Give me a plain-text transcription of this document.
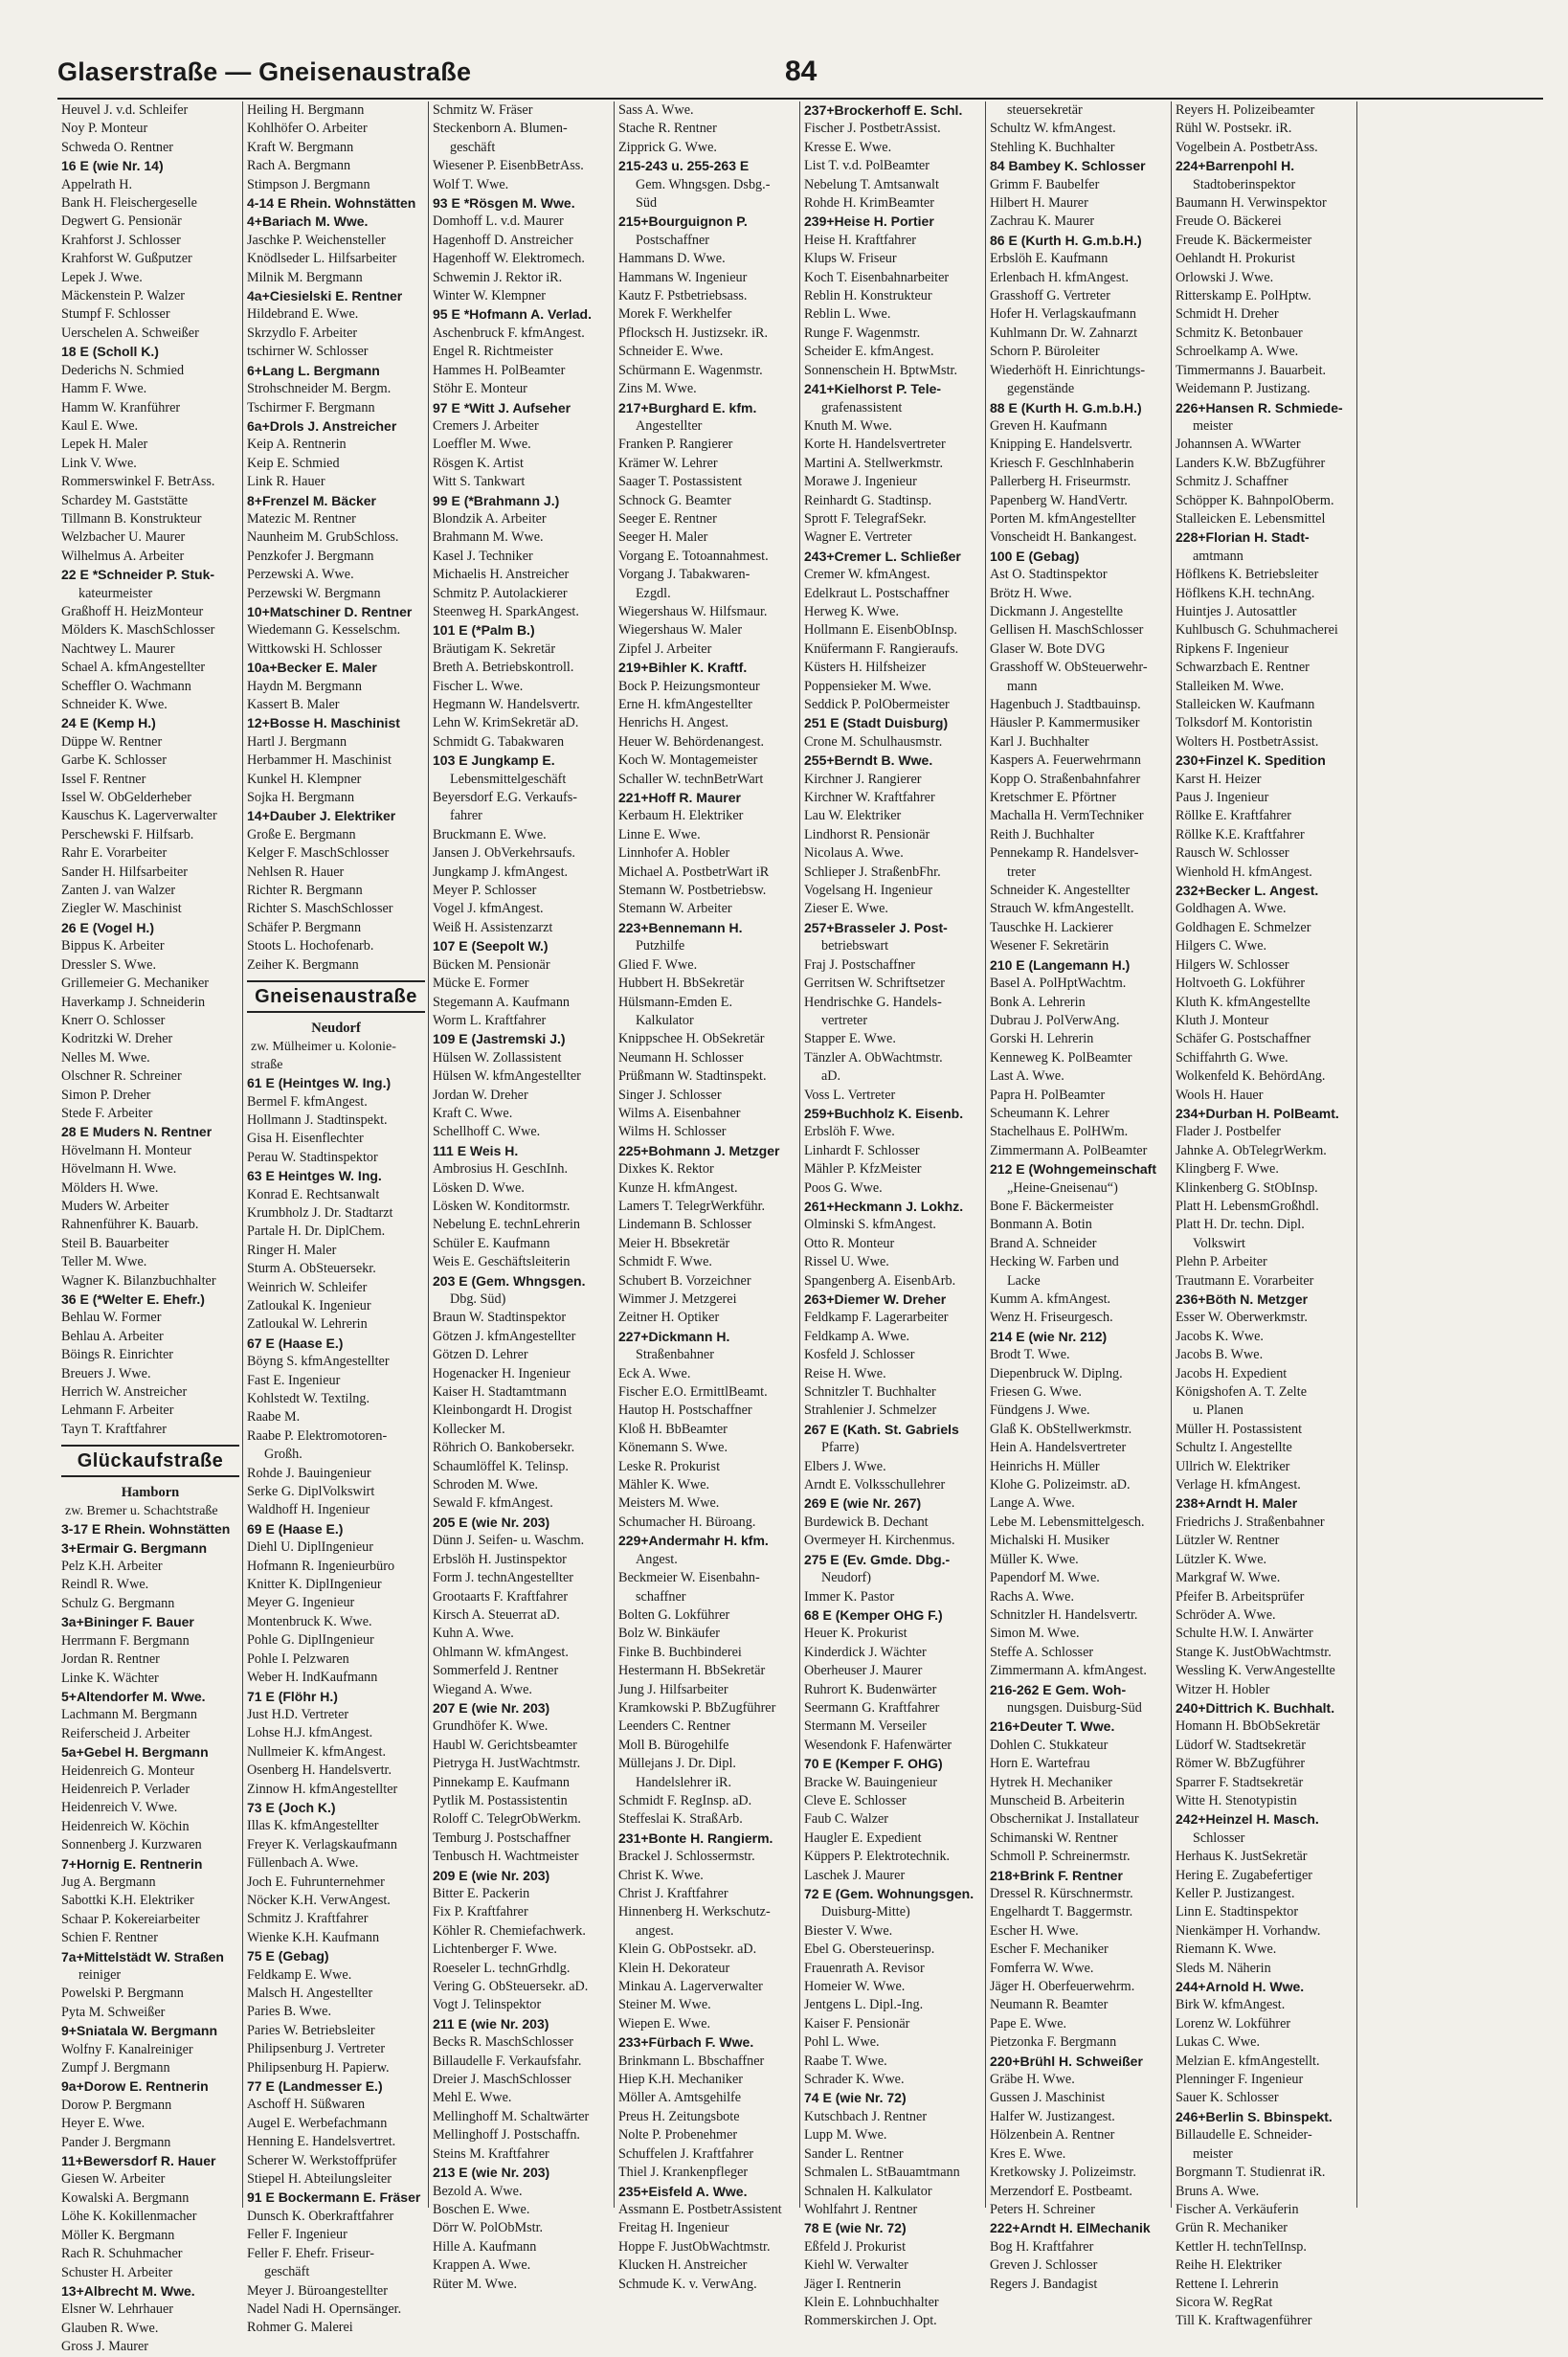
Glaserstraße — Gneisenaustraße	84
Heuvel J. v.d. Schleifer
Noy P. Monteur
Schweda O. Rentner
16 E (wie Nr. 14)
Appelrath H.
Bank H. Fleischergeselle
Degwert G. Pensionär
Krahforst J. Schlosser
Krahforst W. Gußputzer
Lepek J. Wwe.
Mäckenstein P. Walzer
Stumpf F. Schlosser
Uerschelen A. Schweißer
18 E (Scholl K.)
Dederichs N. Schmied
Hamm F. Wwe.
Hamm W. Kranführer
Kaul E. Wwe.
Lepek H. Maler
Link V. Wwe.
Rommerswinkel F. BetrAss.
Schardey M. Gaststätte
Tillmann B. Konstrukteur
Welzbacher U. Maurer
Wilhelmus A. Arbeiter
22 E *Schneider P. Stuk-
kateurmeister
Graßhoff H. HeizMonteur
Mölders K. MaschSchlosser
Nachtwey L. Maurer
Schael A. kfmAngestellter
Scheffler O. Wachmann
Schneider K. Wwe.
24 E (Kemp H.)
Düppe W. Rentner
Garbe K. Schlosser
Issel F. Rentner
Issel W. ObGelderheber
Kauschus K. Lagerverwalter
Perschewski F. Hilfsarb.
Rahr E. Vorarbeiter
Sander H. Hilfsarbeiter
Zanten J. van Walzer
Ziegler W. Maschinist
26 E (Vogel H.)
Bippus K. Arbeiter
Dressler S. Wwe.
Grillemeier G. Mechaniker
Haverkamp J. Schneiderin
Knerr O. Schlosser
Kodritzki W. Dreher
Nelles M. Wwe.
Olschner R. Schreiner
Simon P. Dreher
Stede F. Arbeiter
28 E Muders N. Rentner
Hövelmann H. Monteur
Hövelmann H. Wwe.
Mölders H. Wwe.
Muders W. Arbeiter
Rahnenführer K. Bauarb.
Steil B. Bauarbeiter
Teller M. Wwe.
Wagner K. Bilanzbuchhalter
36 E (*Welter E. Ehefr.)
Behlau W. Former
Behlau A. Arbeiter
Böings R. Einrichter
Breuers J. Wwe.
Herrich W. Anstreicher
Lehmann F. Arbeiter
Tayn T. Kraftfahrer
Glückaufstraße
Hamborn
zw. Bremer u. Schachtstraße
3-17 E Rhein. Wohnstätten
3+Ermair G. Bergmann
Pelz K.H. Arbeiter
Reindl R. Wwe.
Schulz G. Bergmann
3a+Bininger F. Bauer
Herrmann F. Bergmann
Jordan R. Rentner
Linke K. Wächter
5+Altendorfer M. Wwe.
Lachmann M. Bergmann
Reiferscheid J. Arbeiter
5a+Gebel H. Bergmann
Heidenreich G. Monteur
Heidenreich P. Verlader
Heidenreich V. Wwe.
Heidenreich W. Köchin
Sonnenberg J. Kurzwaren
7+Hornig E. Rentnerin
Jug A. Bergmann
Sabottki K.H. Elektriker
Schaar P. Kokereiarbeiter
Schien F. Rentner
7a+Mittelstädt W. Straßen
reiniger
Powelski P. Bergmann
Pyta M. Schweißer
9+Sniatala W. Bergmann
Wolfny F. Kanalreiniger
Zumpf J. Bergmann
9a+Dorow E. Rentnerin
Dorow P. Bergmann
Heyer E. Wwe.
Pander J. Bergmann
11+Bewersdorf R. Hauer
Giesen W. Arbeiter
Kowalski A. Bergmann
Löhe K. Kokillenmacher
Möller K. Bergmann
Rach R. Schuhmacher
Schuster H. Arbeiter
13+Albrecht M. Wwe.
Elsner W. Lehrhauer
Glauben R. Wwe.
Gross J. Maurer
Heiling H. Bergmann
Kohlhöfer O. Arbeiter
Kraft W. Bergmann
Rach A. Bergmann
Stimpson J. Bergmann
4-14 E Rhein. Wohnstätten
4+Bariach M. Wwe.
Jaschke P. Weichensteller
Knödlseder L. Hilfsarbeiter
Milnik M. Bergmann
4a+Ciesielski E. Rentner
Hildebrand E. Wwe.
Skrzydlo F. Arbeiter
tschirner W. Schlosser
6+Lang L. Bergmann
Strohschneider M. Bergm.
Tschirmer F. Bergmann
6a+Drols J. Anstreicher
Keip A. Rentnerin
Keip E. Schmied
Link R. Hauer
8+Frenzel M. Bäcker
Matezic M. Rentner
Naunheim M. GrubSchloss.
Penzkofer J. Bergmann
Perzewski A. Wwe.
Perzewski W. Bergmann
10+Matschiner D. Rentner
Wiedemann G. Kesselschm.
Wittkowski H. Schlosser
10a+Becker E. Maler
Haydn M. Bergmann
Kassert B. Maler
12+Bosse H. Maschinist
Hartl J. Bergmann
Herbammer H. Maschinist
Kunkel H. Klempner
Sojka H. Bergmann
14+Dauber J. Elektriker
Große E. Bergmann
Kelger F. MaschSchlosser
Nehlsen R. Hauer
Richter R. Bergmann
Richter S. MaschSchlosser
Schäfer P. Bergmann
Stoots L. Hochofenarb.
Zeiher K. Bergmann
Gneisenaustraße
Neudorf
zw. Mülheimer u. Kolonie-
straße
61 E (Heintges W. Ing.)
Bermel F. kfmAngest.
Hollmann J. Stadtinspekt.
Gisa H. Eisenflechter
Perau W. Stadtinspektor
63 E Heintges W. Ing.
Konrad E. Rechtsanwalt
Krumbholz J. Dr. Stadtarzt
Partale H. Dr. DiplChem.
Ringer H. Maler
Sturm A. ObSteuersekr.
Weinrich W. Schleifer
Zatloukal K. Ingenieur
Zatloukal W. Lehrerin
67 E (Haase E.)
Böyng S. kfmAngestellter
Fast E. Ingenieur
Kohlstedt W. Textilng.
Raabe M.
Raabe P. Elektromotoren-
Großh.
Rohde J. Bauingenieur
Serke G. DiplVolkswirt
Waldhoff H. Ingenieur
69 E (Haase E.)
Diehl U. DiplIngenieur
Hofmann R. Ingenieurbüro
Knitter K. DiplIngenieur
Meyer G. Ingenieur
Montenbruck K. Wwe.
Pohle G. DiplIngenieur
Pohle I. Pelzwaren
Weber H. IndKaufmann
71 E (Flöhr H.)
Just H.D. Vertreter
Lohse H.J. kfmAngest.
Nullmeier K. kfmAngest.
Osenberg H. Handelsvertr.
Zinnow H. kfmAngestellter
73 E (Joch K.)
Illas K. kfmAngestellter
Freyer K. Verlagskaufmann
Füllenbach A. Wwe.
Joch E. Fuhrunternehmer
Nöcker K.H. VerwAngest.
Schmitz J. Kraftfahrer
Wienke K.H. Kaufmann
75 E (Gebag)
Feldkamp E. Wwe.
Malsch H. Angestellter
Paries B. Wwe.
Paries W. Betriebsleiter
Philipsenburg J. Vertreter
Philipsenburg H. Papierw.
77 E (Landmesser E.)
Aschoff H. Süßwaren
Augel E. Werbefachmann
Henning E. Handelsvertret.
Scherer W. Werkstoffprüfer
Stiepel H. Abteilungsleiter
91 E Bockermann E. Fräser
Dunsch K. Oberkraftfahrer
Feller F. Ingenieur
Feller F. Ehefr. Friseur-
geschäft
Meyer J. Büroangestellter
Nadel Nadi H. Opernsänger.
Rohmer G. Malerei
Schmitz W. Fräser
Steckenborn A. Blumen-
geschäft
Wiesener P. EisenbBetrAss.
Wolf T. Wwe.
93 E *Rösgen M. Wwe.
Domhoff L. v.d. Maurer
Hagenhoff D. Anstreicher
Hagenhoff W. Elektromech.
Schwemin J. Rektor iR.
Winter W. Klempner
95 E *Hofmann A. Verlad.
Aschenbruck F. kfmAngest.
Engel R. Richtmeister
Hammes H. PolBeamter
Stöhr E. Monteur
97 E *Witt J. Aufseher
Cremers J. Arbeiter
Loeffler M. Wwe.
Rösgen K. Artist
Witt S. Tankwart
99 E (*Brahmann J.)
Blondzik A. Arbeiter
Brahmann M. Wwe.
Kasel J. Techniker
Michaelis H. Anstreicher
Schmitz P. Autolackierer
Steenweg H. SparkAngest.
101 E (*Palm B.)
Bräutigam K. Sekretär
Breth A. Betriebskontroll.
Fischer L. Wwe.
Hegmann W. Handelsvertr.
Lehn W. KrimSekretär aD.
Schmidt G. Tabakwaren
103 E Jungkamp E.
Lebensmittelgeschäft
Beyersdorf E.G. Verkaufs-
fahrer
Bruckmann E. Wwe.
Jansen J. ObVerkehrsaufs.
Jungkamp J. kfmAngest.
Meyer P. Schlosser
Vogel J. kfmAngest.
Weiß H. Assistenzarzt
107 E (Seepolt W.)
Bücken M. Pensionär
Mücke E. Former
Stegemann A. Kaufmann
Worm L. Kraftfahrer
109 E (Jastremski J.)
Hülsen W. Zollassistent
Hülsen W. kfmAngestellter
Jordan W. Dreher
Kraft C. Wwe.
Schellhoff C. Wwe.
111 E Weis H.
Ambrosius H. GeschInh.
Lösken D. Wwe.
Lösken W. Konditormstr.
Nebelung E. technLehrerin
Schüler E. Kaufmann
Weis E. Geschäftsleiterin
203 E (Gem. Whngsgen.
Dbg. Süd)
Braun W. Stadtinspektor
Götzen J. kfmAngestellter
Götzen D. Lehrer
Hogenacker H. Ingenieur
Kaiser H. Stadtamtmann
Kleinbongardt H. Drogist
Kollecker M.
Röhrich O. Bankobersekr.
Schaumlöffel K. Telinsp.
Schroden M. Wwe.
Sewald F. kfmAngest.
205 E (wie Nr. 203)
Dünn J. Seifen- u. Waschm.
Erbslöh H. Justinspektor
Form J. technAngestellter
Grootaarts F. Kraftfahrer
Kirsch A. Steuerrat aD.
Kuhn A. Wwe.
Ohlmann W. kfmAngest.
Sommerfeld J. Rentner
Wiegand A. Wwe.
207 E (wie Nr. 203)
Grundhöfer K. Wwe.
Haubl W. Gerichtsbeamter
Pietryga H. JustWachtmstr.
Pinnekamp E. Kaufmann
Pytlik M. Postassistentin
Roloff C. TelegrObWerkm.
Temburg J. Postschaffner
Tenbusch H. Wachtmeister
209 E (wie Nr. 203)
Bitter E. Packerin
Fix P. Kraftfahrer
Köhler R. Chemiefachwerk.
Lichtenberger F. Wwe.
Roeseler L. technGrhdlg.
Vering G. ObSteuersekr. aD.
Vogt J. Telinspektor
211 E (wie Nr. 203)
Becks R. MaschSchlosser
Billaudelle F. Verkaufsfahr.
Dreier J. MaschSchlosser
Mehl E. Wwe.
Mellinghoff M. Schaltwärter
Mellinghoff J. Postschaffn.
Steins M. Kraftfahrer
213 E (wie Nr. 203)
Bezold A. Wwe.
Boschen E. Wwe.
Dörr W. PolObMstr.
Hille A. Kaufmann
Krappen A. Wwe.
Rüter M. Wwe.
Sass A. Wwe.
Stache R. Rentner
Zipprick G. Wwe.
215-243 u. 255-263 E
Gem. Whngsgen. Dsbg.-
Süd
215+Bourguignon P.
Postschaffner
Hammans D. Wwe.
Hammans W. Ingenieur
Kautz F. Pstbetriebsass.
Morek F. Werkhelfer
Pflocksch H. Justizsekr. iR.
Schneider E. Wwe.
Schürmann E. Wagenmstr.
Zins M. Wwe.
217+Burghard E. kfm.
Angestellter
Franken P. Rangierer
Krämer W. Lehrer
Saager T. Postassistent
Schnock G. Beamter
Seeger E. Rentner
Seeger H. Maler
Vorgang E. Totoannahmest.
Vorgang J. Tabakwaren-
Ezgdl.
Wiegershaus W. Hilfsmaur.
Wiegershaus W. Maler
Zipfel J. Arbeiter
219+Bihler K. Kraftf.
Bock P. Heizungsmonteur
Erne H. kfmAngestellter
Henrichs H. Angest.
Heuer W. Behördenangest.
Koch W. Montagemeister
Schaller W. technBetrWart
221+Hoff R. Maurer
Kerbaum H. Elektriker
Linne E. Wwe.
Linnhofer A. Hobler
Michael A. PostbetrWart iR
Stemann W. Postbetriebsw.
Stemann W. Arbeiter
223+Bennemann H.
Putzhilfe
Glied F. Wwe.
Hubbert H. BbSekretär
Hülsmann-Emden E.
Kalkulator
Knippschee H. ObSekretär
Neumann H. Schlosser
Prüßmann W. Stadtinspekt.
Singer J. Schlosser
Wilms A. Eisenbahner
Wilms H. Schlosser
225+Bohmann J. Metzger
Dixkes K. Rektor
Kunze H. kfmAngest.
Lamers T. TelegrWerkführ.
Lindemann B. Schlosser
Meier H. Bbsekretär
Schmidt F. Wwe.
Schubert B. Vorzeichner
Wimmer J. Metzgerei
Zeitner H. Optiker
227+Dickmann H.
Straßenbahner
Eck A. Wwe.
Fischer E.O. ErmittlBeamt.
Hautop H. Postschaffner
Kloß H. BbBeamter
Könemann S. Wwe.
Leske R. Prokurist
Mähler K. Wwe.
Meisters M. Wwe.
Schumacher H. Büroang.
229+Andermahr H. kfm.
Angest.
Beckmeier W. Eisenbahn-
schaffner
Bolten G. Lokführer
Bolz W. Binkäufer
Finke B. Buchbinderei
Hestermann H. BbSekretär
Jung J. Hilfsarbeiter
Kramkowski P. BbZugführer
Leenders C. Rentner
Moll B. Bürogehilfe
Müllejans J. Dr. Dipl.
Handelslehrer iR.
Schmidt F. RegInsp. aD.
Steffeslai K. StraßArb.
231+Bonte H. Rangierm.
Brackel J. Schlossermstr.
Christ K. Wwe.
Christ J. Kraftfahrer
Hinnenberg H. Werkschutz-
angest.
Klein G. ObPostsekr. aD.
Klein H. Dekorateur
Minkau A. Lagerverwalter
Steiner M. Wwe.
Wiepen E. Wwe.
233+Fürbach F. Wwe.
Brinkmann L. Bbschaffner
Hiep K.H. Mechaniker
Möller A. Amtsgehilfe
Preus H. Zeitungsbote
Nolte P. Probenehmer
Schuffelen J. Kraftfahrer
Thiel J. Krankenpfleger
235+Eisfeld A. Wwe.
Assmann E. PostbetrAssistent
Freitag H. Ingenieur
Hoppe F. JustObWachtmstr.
Klucken H. Anstreicher
Schmude K. v. VerwAng.
237+Brockerhoff E. Schl.
Fischer J. PostbetrAssist.
Kresse E. Wwe.
List T. v.d. PolBeamter
Nebelung T. Amtsanwalt
Rohde H. KrimBeamter
239+Heise H. Portier
Heise H. Kraftfahrer
Klups W. Friseur
Koch T. Eisenbahnarbeiter
Reblin H. Konstrukteur
Reblin L. Wwe.
Runge F. Wagenmstr.
Scheider E. kfmAngest.
Sonnenschein H. BptwMstr.
241+Kielhorst P. Tele-
grafenassistent
Knuth M. Wwe.
Korte H. Handelsvertreter
Martini A. Stellwerkmstr.
Morawe J. Ingenieur
Reinhardt G. Stadtinsp.
Sprott F. TelegrafSekr.
Wagner E. Vertreter
243+Cremer L. Schließer
Cremer W. kfmAngest.
Edelkraut L. Postschaffner
Herweg K. Wwe.
Hollmann E. EisenbObInsp.
Knüfermann F. Rangieraufs.
Küsters H. Hilfsheizer
Poppensieker M. Wwe.
Seddick P. PolObermeister
251 E (Stadt Duisburg)
Crone M. Schulhausmstr.
255+Berndt B. Wwe.
Kirchner J. Rangierer
Kirchner W. Kraftfahrer
Lau W. Elektriker
Lindhorst R. Pensionär
Nicolaus A. Wwe.
Schlieper J. StraßenbFhr.
Vogelsang H. Ingenieur
Zieser E. Wwe.
257+Brasseler J. Post-
betriebswart
Fraj J. Postschaffner
Gerritsen W. Schriftsetzer
Hendrischke G. Handels-
vertreter
Stapper E. Wwe.
Tänzler A. ObWachtmstr.
aD.
Voss L. Vertreter
259+Buchholz K. Eisenb.
Erbslöh F. Wwe.
Linhardt F. Schlosser
Mähler P. KfzMeister
Poos G. Wwe.
261+Heckmann J. Lokhz.
Olminski S. kfmAngest.
Otto R. Monteur
Rissel U. Wwe.
Spangenberg A. EisenbArb.
263+Diemer W. Dreher
Feldkamp F. Lagerarbeiter
Feldkamp A. Wwe.
Kosfeld J. Schlosser
Reise H. Wwe.
Schnitzler T. Buchhalter
Strahlenier J. Schmelzer
267 E (Kath. St. Gabriels
Pfarre)
Elbers J. Wwe.
Arndt E. Volksschullehrer
269 E (wie Nr. 267)
Burdewick B. Dechant
Overmeyer H. Kirchenmus.
275 E (Ev. Gmde. Dbg.-
Neudorf)
Immer K. Pastor
68 E (Kemper OHG F.)
Heuer K. Prokurist
Kinderdick J. Wächter
Oberheuser J. Maurer
Ruhrort K. Budenwärter
Seermann G. Kraftfahrer
Stermann M. Verseiler
Wesendonk F. Hafenwärter
70 E (Kemper F. OHG)
Bracke W. Bauingenieur
Cleve E. Schlosser
Faub C. Walzer
Haugler E. Expedient
Küppers P. Elektrotechnik.
Laschek J. Maurer
72 E (Gem. Wohnungsgen.
Duisburg-Mitte)
Biester V. Wwe.
Ebel G. Obersteuerinsp.
Frauenrath A. Revisor
Homeier W. Wwe.
Jentgens L. Dipl.-Ing.
Kaiser F. Pensionär
Pohl L. Wwe.
Raabe T. Wwe.
Schrader K. Wwe.
74 E (wie Nr. 72)
Kutschbach J. Rentner
Lupp M. Wwe.
Sander L. Rentner
Schmalen L. StBauamtmann
Schnalen H. Kalkulator
Wohlfahrt J. Rentner
78 E (wie Nr. 72)
Eßfeld J. Prokurist
Kiehl W. Verwalter
Jäger I. Rentnerin
Klein E. Lohnbuchhalter
Rommerskirchen J. Opt.
steuersekretär
Schultz W. kfmAngest.
Stehling K. Buchhalter
84 Bambey K. Schlosser
Grimm F. Baubelfer
Hilbert H. Maurer
Zachrau K. Maurer
86 E (Kurth H. G.m.b.H.)
Erbslöh E. Kaufmann
Erlenbach H. kfmAngest.
Grasshoff G. Vertreter
Hofer H. Verlagskaufmann
Kuhlmann Dr. W. Zahnarzt
Schorn P. Büroleiter
Wiederhöft H. Einrichtungs-
gegenstände
88 E (Kurth H. G.m.b.H.)
Greven H. Kaufmann
Knipping E. Handelsvertr.
Kriesch F. Geschlnhaberin
Pallerberg H. Friseurmstr.
Papenberg W. HandVertr.
Porten M. kfmAngestellter
Vonscheidt H. Bankangest.
100 E (Gebag)
Ast O. Stadtinspektor
Brötz H. Wwe.
Dickmann J. Angestellte
Gellisen H. MaschSchlosser
Glaser W. Bote DVG
Grasshoff W. ObSteuerwehr-
mann
Hagenbuch J. Stadtbauinsp.
Häusler P. Kammermusiker
Karl J. Buchhalter
Kaspers A. Feuerwehrmann
Kopp O. Straßenbahnfahrer
Kretschmer E. Pförtner
Machalla H. VermTechniker
Reith J. Buchhalter
Pennekamp R. Handelsver-
treter
Schneider K. Angestellter
Strauch W. kfmAngestellt.
Tauschke H. Lackierer
Wesener F. Sekretärin
210 E (Langemann H.)
Basel A. PolHptWachtm.
Bonk A. Lehrerin
Dubrau J. PolVerwAng.
Gorski H. Lehrerin
Kenneweg K. PolBeamter
Last A. Wwe.
Papra H. PolBeamter
Scheumann K. Lehrer
Stachelhaus E. PolHWm.
Zimmermann A. PolBeamter
212 E (Wohngemeinschaft
„Heine-Gneisenau“)
Bone F. Bäckermeister
Bonmann A. Botin
Brand A. Schneider
Hecking W. Farben und
Lacke
Kumm A. kfmAngest.
Wenz H. Friseurgesch.
214 E (wie Nr. 212)
Brodt T. Wwe.
Diepenbruck W. Diplng.
Friesen G. Wwe.
Fündgens J. Wwe.
Glaß K. ObStellwerkmstr.
Hein A. Handelsvertreter
Heinrichs H. Müller
Klohe G. Polizeimstr. aD.
Lange A. Wwe.
Lebe M. Lebensmittelgesch.
Michalski H. Musiker
Müller K. Wwe.
Papendorf M. Wwe.
Rachs A. Wwe.
Schnitzler H. Handelsvertr.
Simon M. Wwe.
Steffe A. Schlosser
Zimmermann A. kfmAngest.
216-262 E Gem. Woh-
nungsgen. Duisburg-Süd
216+Deuter T. Wwe.
Dohlen C. Stukkateur
Horn E. Wartefrau
Hytrek H. Mechaniker
Munscheid B. Arbeiterin
Obschernikat J. Installateur
Schimanski W. Rentner
Schmoll P. Schreinermstr.
218+Brink F. Rentner
Dressel R. Kürschnermstr.
Engelhardt T. Baggermstr.
Escher H. Wwe.
Escher F. Mechaniker
Fomferra W. Wwe.
Jäger H. Oberfeuerwehrm.
Neumann R. Beamter
Pape E. Wwe.
Pietzonka F. Bergmann
220+Brühl H. Schweißer
Gräbe H. Wwe.
Gussen J. Maschinist
Halfer W. Justizangest.
Hölzenbein A. Rentner
Kres E. Wwe.
Kretkowsky J. Polizeimstr.
Merzendorf E. Postbeamt.
Peters H. Schreiner
222+Arndt H. ElMechanik
Bog H. Kraftfahrer
Greven J. Schlosser
Regers J. Bandagist
Reyers H. Polizeibeamter
Rühl W. Postsekr. iR.
Vogelbein A. PostbetrAss.
224+Barrenpohl H.
Stadtoberinspektor
Baumann H. Verwinspektor
Freude O. Bäckerei
Freude K. Bäckermeister
Oehlandt H. Prokurist
Orlowski J. Wwe.
Ritterskamp E. PolHptw.
Schmidt H. Dreher
Schmitz K. Betonbauer
Schroelkamp A. Wwe.
Timmermanns J. Bauarbeit.
Weidemann P. Justizang.
226+Hansen R. Schmiede-
meister
Johannsen A. WWarter
Landers K.W. BbZugführer
Schmitz J. Schaffner
Schöpper K. BahnpolOberm.
Stalleicken E. Lebensmittel
228+Florian H. Stadt-
amtmann
Höflkens K. Betriebsleiter
Höflkens K.H. technAng.
Huintjes J. Autosattler
Kuhlbusch G. Schuhmacherei
Ripkens F. Ingenieur
Schwarzbach E. Rentner
Stalleiken M. Wwe.
Stalleicken W. Kaufmann
Tolksdorf M. Kontoristin
Wolters H. PostbetrAssist.
230+Finzel K. Spedition
Karst H. Heizer
Paus J. Ingenieur
Röllke E. Kraftfahrer
Röllke K.E. Kraftfahrer
Rausch W. Schlosser
Wienhold H. kfmAngest.
232+Becker L. Angest.
Goldhagen A. Wwe.
Goldhagen E. Schmelzer
Hilgers C. Wwe.
Hilgers W. Schlosser
Holtvoeth G. Lokführer
Kluth K. kfmAngestellte
Kluth J. Monteur
Schäfer G. Postschaffner
Schiffahrth G. Wwe.
Wolkenfeld K. BehördAng.
Wools H. Hauer
234+Durban H. PolBeamt.
Flader J. Postbelfer
Jahnke A. ObTelegrWerkm.
Klingberg F. Wwe.
Klinkenberg G. StObInsp.
Platt H. LebensmGroßhdl.
Platt H. Dr. techn. Dipl.
Volkswirt
Plehn P. Arbeiter
Trautmann E. Vorarbeiter
236+Böth N. Metzger
Esser W. Oberwerkmstr.
Jacobs K. Wwe.
Jacobs B. Wwe.
Jacobs H. Expedient
Königshofen A. T. Zelte
u. Planen
Müller H. Postassistent
Schultz I. Angestellte
Ullrich W. Elektriker
Verlage H. kfmAngest.
238+Arndt H. Maler
Friedrichs J. Straßenbahner
Lützler W. Rentner
Lützler K. Wwe.
Markgraf W. Wwe.
Pfeifer B. Arbeitsprüfer
Schröder A. Wwe.
Schulte H.W. I. Anwärter
Stange K. JustObWachtmstr.
Wessling K. VerwAngestellte
Witzer H. Hobler
240+Dittrich K. Buchhalt.
Homann H. BbObSekretär
Lüdorf W. Stadtsekretär
Römer W. BbZugführer
Sparrer F. Stadtsekretär
Witte H. Stenotypistin
242+Heinzel H. Masch.
Schlosser
Herhaus K. JustSekretär
Hering E. Zugabefertiger
Keller P. Justizangest.
Linn E. Stadtinspektor
Nienkämper H. Vorhandw.
Riemann K. Wwe.
Sleds M. Näherin
244+Arnold H. Wwe.
Birk W. kfmAngest.
Lorenz W. Lokführer
Lukas C. Wwe.
Melzian E. kfmAngestellt.
Plenninger F. Ingenieur
Sauer K. Schlosser
246+Berlin S. Bbinspekt.
Billaudelle E. Schneider-
meister
Borgmann T. Studienrat iR.
Bruns A. Wwe.
Fischer A. Verkäuferin
Grün R. Mechaniker
Kettler H. technTelInsp.
Reihe H. Elektriker
Rettene I. Lehrerin
Sicora W. RegRat
Till K. Kraftwagenführer
